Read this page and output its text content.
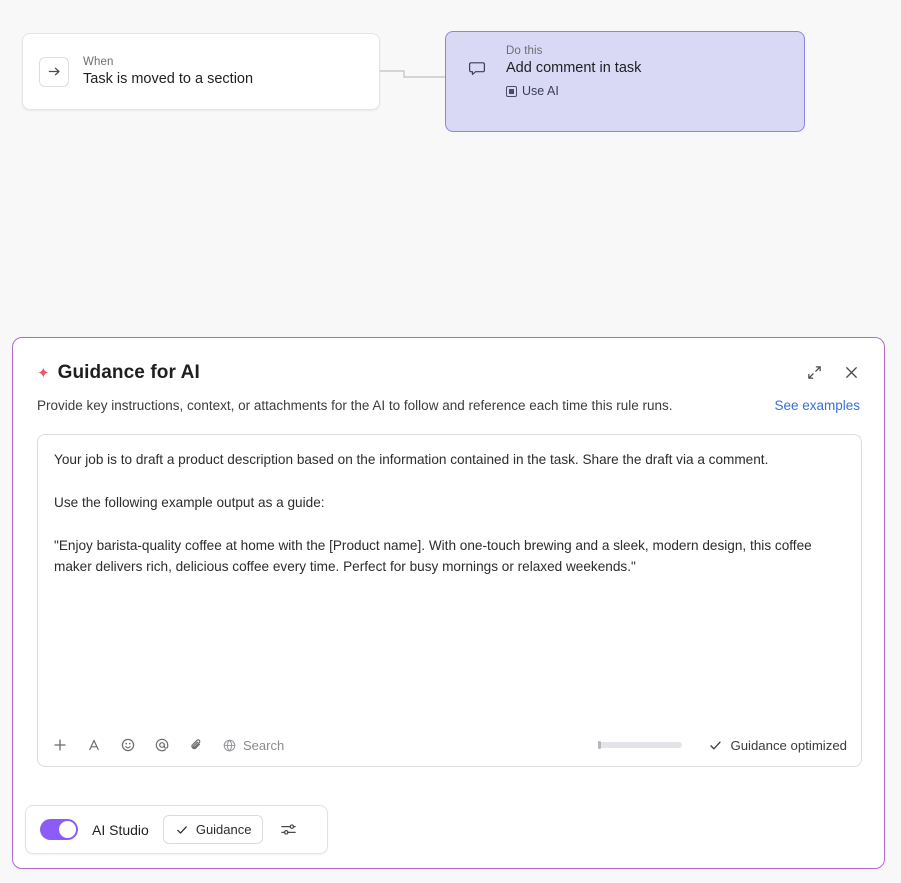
When
Task is moved to a section
Do this
Add comment in task
Use AI
✦ Guidance for AI
Provide key instructions, context, or attachments for the AI to follow and reference each time this rule runs.	See examples

Your job is to draft a product description based on the information contained in the task. Share the draft via a comment.

Use the following example output as a guide:

"Enjoy barista-quality coffee at home with the [Product name]. With one-touch brewing and a sleek, modern design, this coffee maker delivers rich, delicious coffee every time. Perfect for busy mornings or relaxed weekends."

Search	Guidance optimized
AI Studio	Guidance
